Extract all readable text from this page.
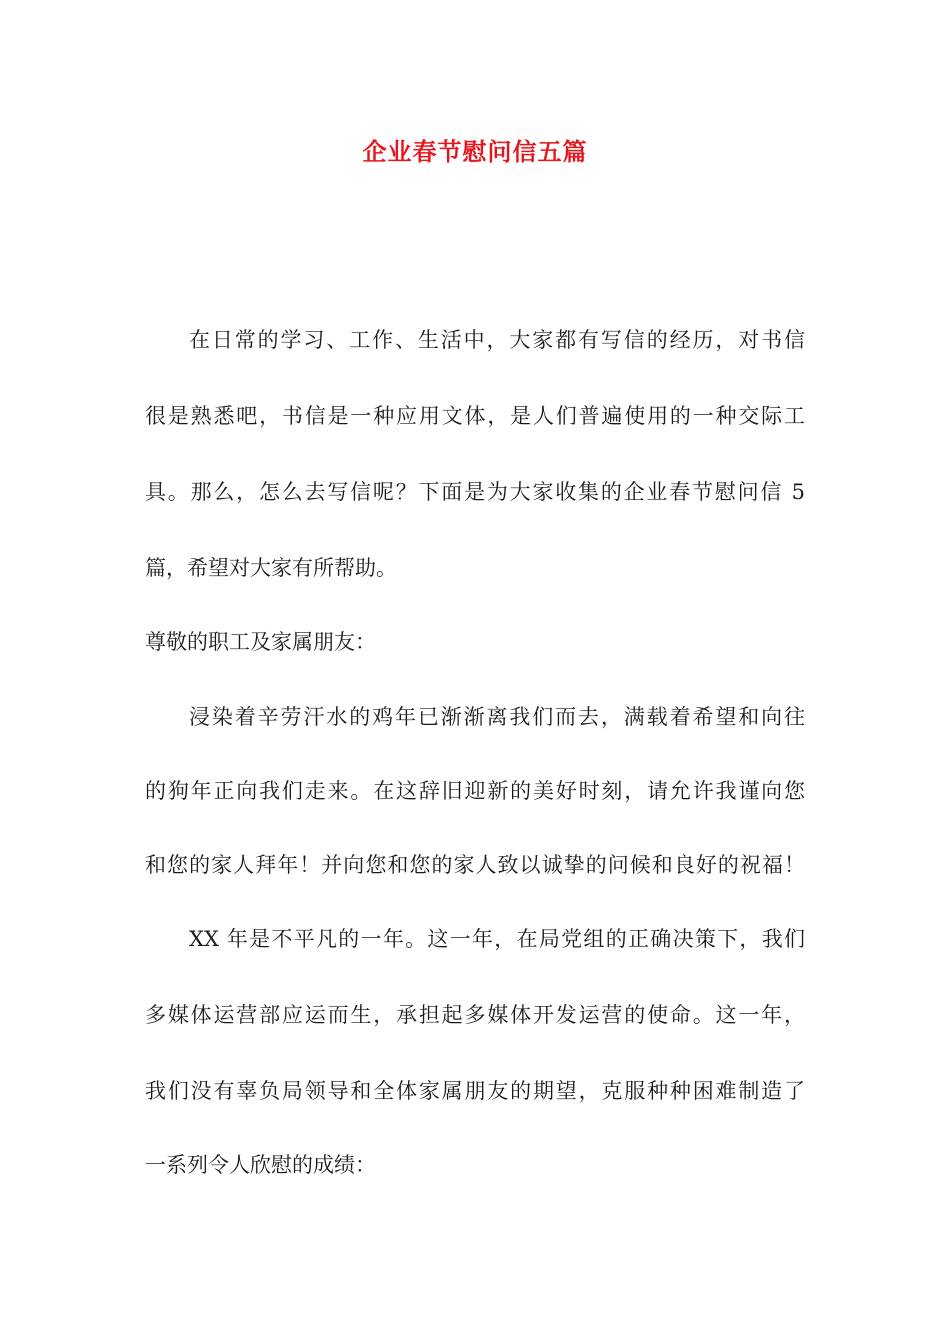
企业春节慰问信五篇
在日常的学习、工作、生活中，大家都有写信的经历，对书信
很是熟悉吧，书信是一种应用文体，是人们普遍使用的一种交际工
具。那么，怎么去写信呢？下面是为大家收集的企业春节慰问信 5
篇，希望对大家有所帮助。
尊敬的职工及家属朋友：
浸染着辛劳汗水的鸡年已渐渐离我们而去，满载着希望和向往
的狗年正向我们走来。在这辞旧迎新的美好时刻，请允许我谨向您
和您的家人拜年！并向您和您的家人致以诚挚的问候和良好的祝福！
XX 年是不平凡的一年。这一年，在局党组的正确决策下，我们
多媒体运营部应运而生，承担起多媒体开发运营的使命。这一年，
我们没有辜负局领导和全体家属朋友的期望，克服种种困难制造了
一系列令人欣慰的成绩：
